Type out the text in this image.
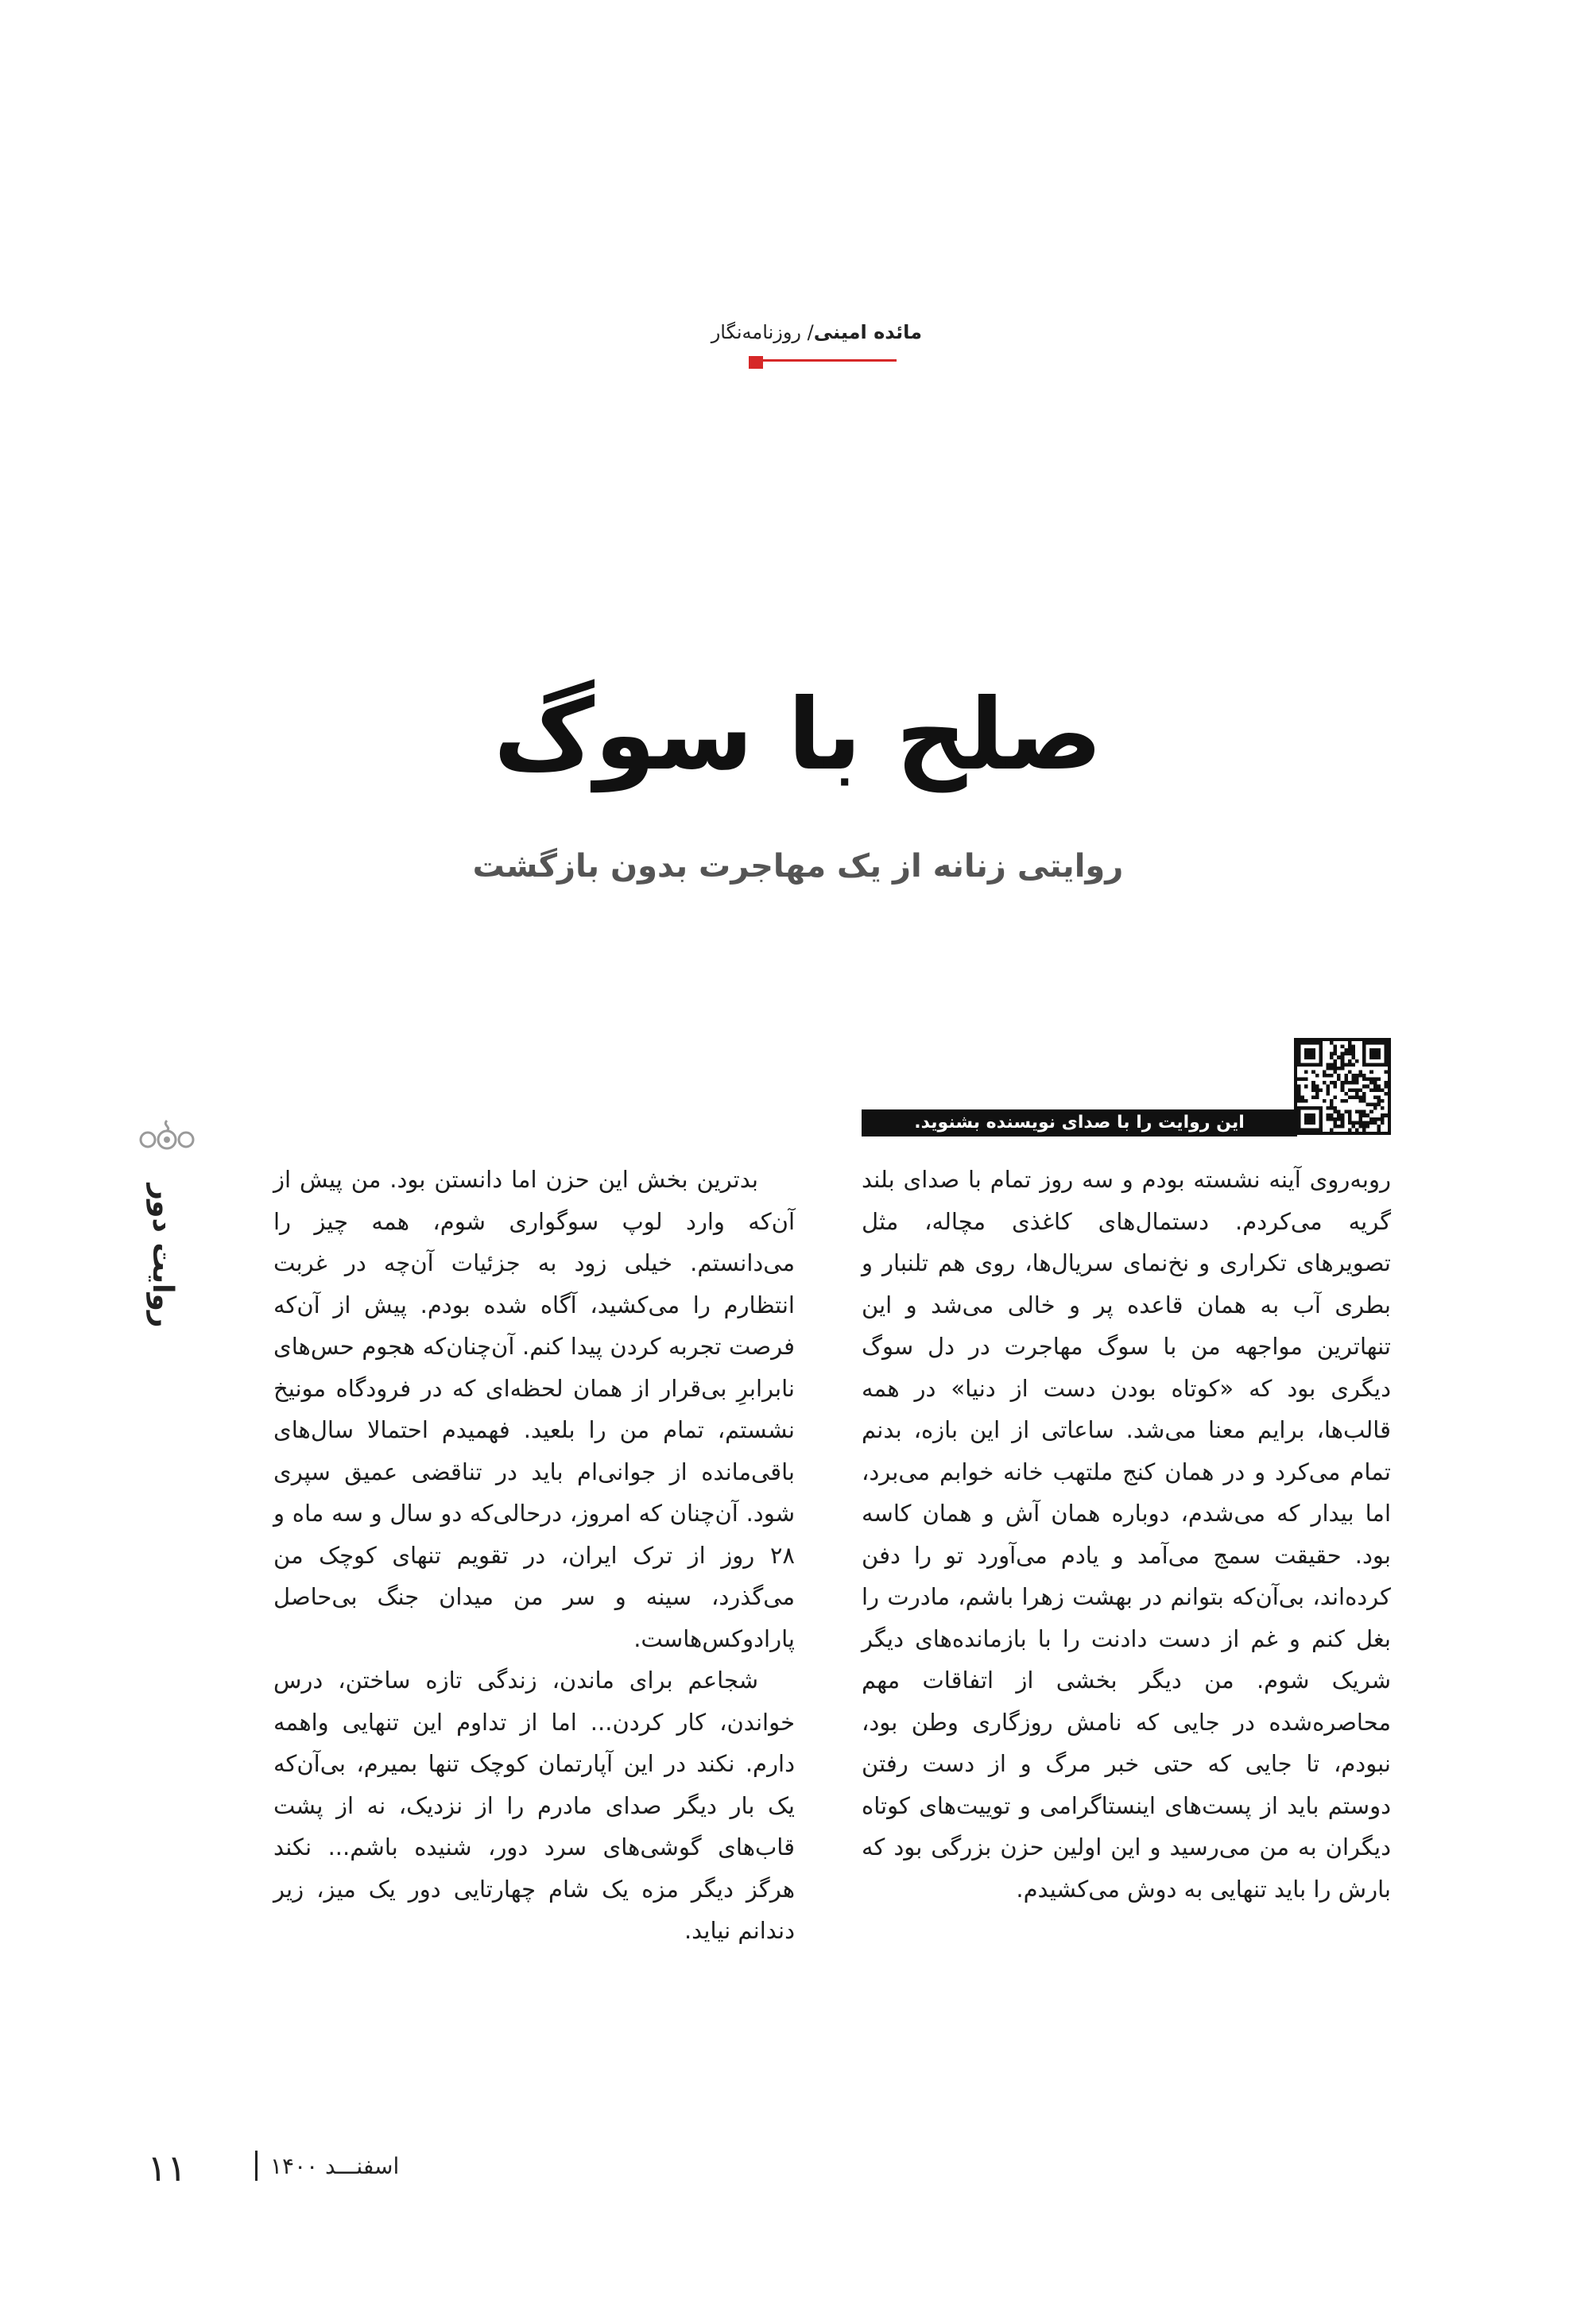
مائده امینی/ روزنامه‌نگار
صلح با سوگ
روایتی زنانه از یک مهاجرت بدون بازگشت
این روایت را با صدای نویسنده بشنوید.
روایت دور

روبه‌روی آینه نشسته بودم و سه روز تمام با صدای بلند گریه می‌کردم. دستمال‌های کاغذی مچاله، مثل تصویرهای تکراری و نخ‌نمای سریال‌ها، روی هم تلنبار و بطری آب به همان قاعده پر و خالی می‌شد و این تنهاترین مواجهه من با سوگ مهاجرت در دل سوگ دیگری بود که «کوتاه بودن دست از دنیا» در همه قالب‌ها، برایم معنا می‌شد. ساعاتی از این بازه، بدنم تمام می‌کرد و در همان کنج ملتهب خانه خوابم می‌برد، اما بیدار که می‌شدم، دوباره همان آش و همان کاسه بود. حقیقت سمج می‌آمد و یادم می‌آورد تو را دفن کرده‌اند، بی‌آن‌که بتوانم در بهشت زهرا باشم، مادرت را بغل کنم و غم از دست دادنت را با بازمانده‌های دیگر شریک شوم. من دیگر بخشی از اتفاقات مهم محاصره‌شده در جایی که نامش روزگاری وطن بود، نبودم، تا جایی که حتی خبر مرگ و از دست رفتن دوستم باید از پست‌های اینستاگرامی و توییت‌های کوتاه دیگران به من می‌رسید و این اولین حزن بزرگی بود که بارش را باید تنهایی به دوش می‌کشیدم.

بدترین بخش این حزن اما دانستن بود. من پیش از آن‌که وارد لوپ سوگواری شوم، همه چیز را می‌دانستم. خیلی زود به جزئیات آن‌چه در غربت انتظارم را می‌کشید، آگاه شده بودم. پیش از آن‌که فرصت تجربه کردن پیدا کنم. آن‌چنان‌که هجوم حس‌های نابرابرِ بی‌قرار از همان لحظه‌ای که در فرودگاه مونیخ نشستم، تمام من را بلعید. فهمیدم احتمالا سال‌های باقی‌مانده از جوانی‌ام باید در تناقضی عمیق سپری شود. آن‌چنان که امروز، درحالی‌که دو سال و سه ماه و ۲۸ روز از ترک ایران، در تقویم تنهای کوچک من می‌گذرد، سینه و سر من میدان جنگ بی‌حاصل پارادوکس‌هاست.

شجاعم برای ماندن، زندگی تازه ساختن، درس خواندن، کار کردن... اما از تداوم این تنهایی واهمه دارم. نکند در این آپارتمان کوچک تنها بمیرم، بی‌آن‌که یک بار دیگر صدای مادرم را از نزدیک، نه از پشت قاب‌های گوشی‌های سرد دور، شنیده باشم... نکند هرگز دیگر مزه یک شام چهارتایی دور یک میز، زیر دندانم نیاید.

۱۱	اسفنـــد ۱۴۰۰
